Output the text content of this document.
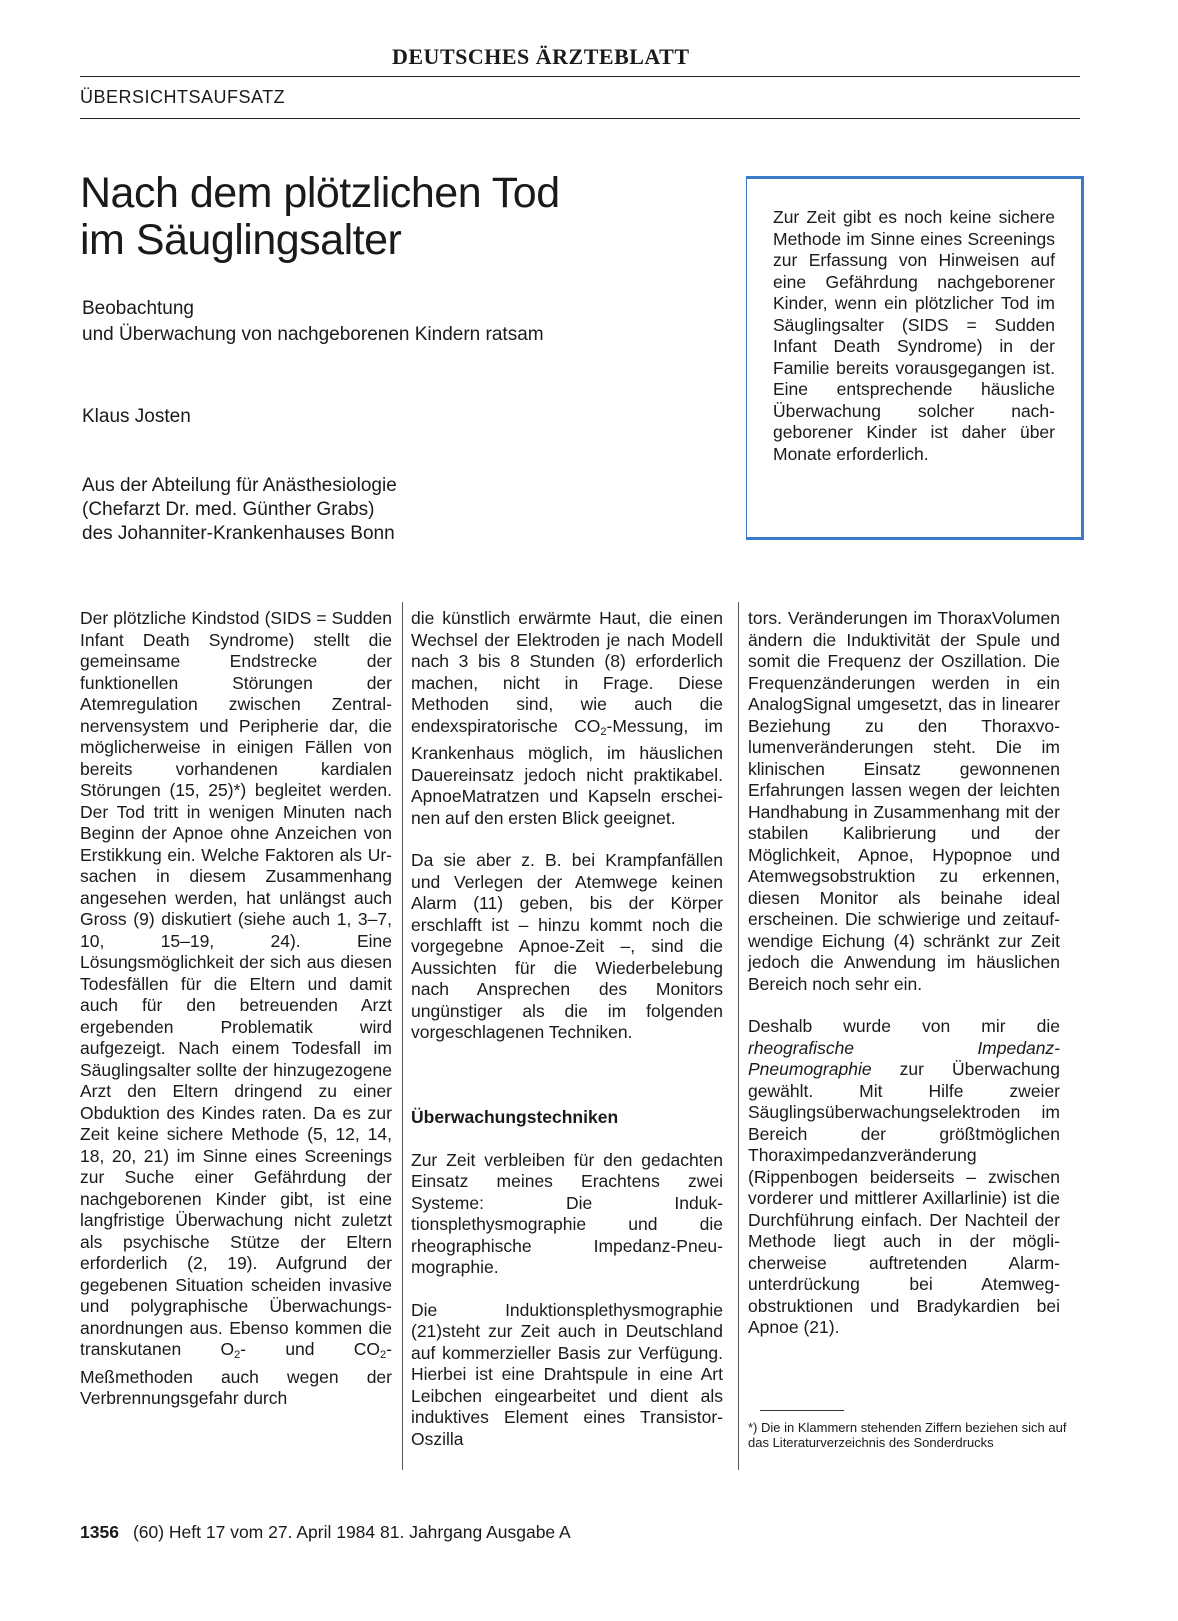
DEUTSCHES ÄRZTEBLATT
ÜBERSICHTSAUFSATZ
Nach dem plötzlichen Tod
im Säuglingsalter
Beobachtung
und Überwachung von nachgeborenen Kindern ratsam
Klaus Josten
Aus der Abteilung für Anästhesiologie
(Chefarzt Dr. med. Günther Grabs)
des Johanniter-Krankenhauses Bonn
Zur Zeit gibt es noch keine sichere Methode im Sinne eines Screenings zur Erfassung von Hinweisen auf eine Gefährdung nachgeborener Kinder, wenn ein plötzlicher Tod im Säuglingsalter (SIDS = Sudden Infant Death Syndrome) in der Familie bereits vorausgegangen ist. Eine entsprechende häusliche Überwachung solcher nachgeborener Kinder ist daher über Monate erforderlich.

Der plötzliche Kindstod (SIDS = Sudden Infant Death Syndrome) stellt die gemeinsame Endstrecke der funktionellen Störungen der Atemregulation zwischen Zentralnervensystem und Peripherie dar, die möglicherweise in einigen Fällen von bereits vorhandenen kardialen Störungen (15, 25)*) begleitet werden. Der Tod tritt in wenigen Minuten nach Beginn der Apnoe ohne Anzeichen von Erstikkung ein. Welche Faktoren als Ursachen in diesem Zusammenhang angesehen werden, hat unlängst auch Gross (9) diskutiert (siehe auch 1, 3–7, 10, 15–19, 24). Eine Lösungsmöglichkeit der sich aus diesen Todesfällen für die Eltern und damit auch für den betreuenden Arzt ergebenden Problematik wird aufgezeigt. Nach einem Todesfall im Säuglingsalter sollte der hinzugezogene Arzt den Eltern dringend zu einer Obduktion des Kindes raten. Da es zur Zeit keine sichere Methode (5, 12, 14, 18, 20, 21) im Sinne eines Screenings zur Suche einer Gefährdung der nachgeborenen Kinder gibt, ist eine langfristige Überwachung nicht zuletzt als psychische Stütze der Eltern erforderlich (2, 19). Aufgrund der gegebenen Situation scheiden invasive und polygraphische Überwachungsanordnungen aus. Ebenso kommen die transkutanen $O_2-$ und $CO_2$-Meßmethoden auch wegen der Verbrennungsgefahr durch

die künstlich erwärmte Haut, die einen Wechsel der Elektroden je nach Modell nach 3 bis 8 Stunden (8) erforderlich machen, nicht in Frage. Diese Methoden sind, wie auch die endexspiratorische $CO_2$-Messung, im Krankenhaus möglich, im häuslichen Dauereinsatz jedoch nicht praktikabel. ApnoeMatratzen und Kapseln erscheinen auf den ersten Blick geeignet.

Da sie aber z. B. bei Krampfanfällen und Verlegen der Atemwege keinen Alarm (11) geben, bis der Körper erschlafft ist – hinzu kommt noch die vorgegebne Apnoe-Zeit –, sind die Aussichten für die Wiederbelebung nach Ansprechen des Monitors ungünstiger als die im folgenden vorgeschlagenen Techniken.

Überwachungstechniken

Zur Zeit verbleiben für den gedachten Einsatz meines Erachtens zwei Systeme: Die Induktionsplethysmographie und die rheographische Impedanz-Pneumographie.

Die Induktionsplethysmographie (21)steht zur Zeit auch in Deutschland auf kommerzieller Basis zur Verfügung. Hierbei ist eine Drahtspule in eine Art Leibchen eingearbeitet und dient als induktives Element eines Transistor-Oszilla

tors. Veränderungen im ThoraxVolumen ändern die Induktivität der Spule und somit die Frequenz der Oszillation. Die Frequenzänderungen werden in ein AnalogSignal umgesetzt, das in linearer Beziehung zu den Thoraxvolumenveränderungen steht. Die im klinischen Einsatz gewonnenen Erfahrungen lassen wegen der leichten Handhabung in Zusammenhang mit der stabilen Kalibrierung und der Möglichkeit, Apnoe, Hypopnoe und Atemwegsobstruktion zu erkennen, diesen Monitor als beinahe ideal erscheinen. Die schwierige und zeitaufwendige Eichung (4) schränkt zur Zeit jedoch die Anwendung im häuslichen Bereich noch sehr ein.

Deshalb wurde von mir die rheografische Impedanz-Pneumographie zur Überwachung gewählt. Mit Hilfe zweier Säuglingsüberwachungselektroden im Bereich der größtmöglichen Thoraximpedanzveränderung (Rippenbogen beiderseits – zwischen vorderer und mittlerer Axillarlinie) ist die Durchführung einfach. Der Nachteil der Methode liegt auch in der möglicherweise auftretenden Alarmunterdrückung bei Atemwegobstruktionen und Bradykardien bei Apnoe (21).

*) Die in Klammern stehenden Ziffern beziehen sich auf das Literaturverzeichnis des Sonderdrucks
1356 (60) Heft 17 vom 27. April 1984 81. Jahrgang Ausgabe A
